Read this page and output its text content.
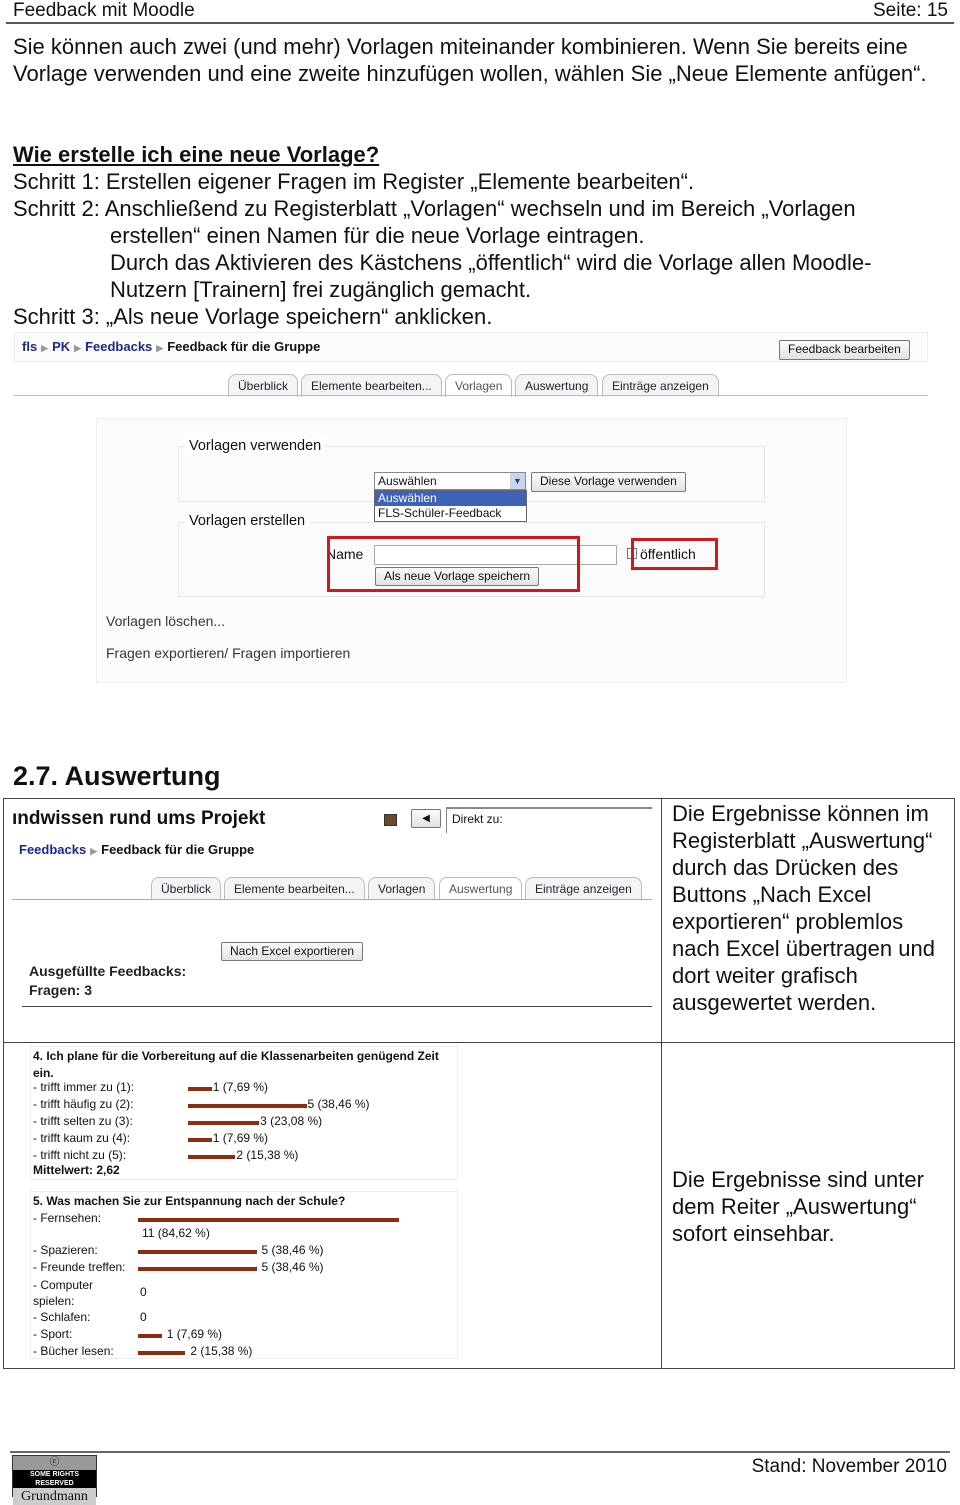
Feedback mit Moodle	Seite: 15
Sie können auch zwei (und mehr) Vorlagen miteinander kombinieren. Wenn Sie bereits eine Vorlage verwenden und eine zweite hinzufügen wollen, wählen Sie „Neue Elemente anfügen“.
Wie erstelle ich eine neue Vorlage?
Schritt 1: Erstellen eigener Fragen im Register „Elemente bearbeiten“.
Schritt 2: Anschließend zu Registerblatt „Vorlagen“ wechseln und im Bereich „Vorlagen
erstellen“ einen Namen für die neue Vorlage eintragen.
Durch das Aktivieren des Kästchens „öffentlich“ wird die Vorlage allen Moodle-
Nutzern [Trainern] frei zugänglich gemacht.
Schritt 3: „Als neue Vorlage speichern“ anklicken.
fls ▶ PK ▶ Feedbacks ▶ Feedback für die Gruppe	Feedback bearbeiten
Überblick	Elemente bearbeiten...	Vorlagen	Auswertung	Einträge anzeigen
Vorlagen verwenden
Auswählen	▼
Auswählen
FLS-Schüler-Feedback
Diese Vorlage verwenden
Vorlagen erstellen
Name	öffentlich
Als neue Vorlage speichern
Vorlagen löschen...
Fragen exportieren/ Fragen importieren
2.7. Auswertung
ındwissen rund ums Projekt	◀	Direkt zu:
Feedbacks ▶ Feedback für die Gruppe
Überblick	Elemente bearbeiten...	Vorlagen	Auswertung	Einträge anzeigen
Nach Excel exportieren
Ausgefüllte Feedbacks:
Fragen: 3
Die Ergebnisse können im Registerblatt „Auswertung“ durch das Drücken des Buttons „Nach Excel exportieren“ problemlos nach Excel übertragen und dort weiter grafisch ausgewertet werden.
Die Ergebnisse sind unter dem Reiter „Auswertung“ sofort einsehbar.
4. Ich plane für die Vorbereitung auf die Klassenarbeiten genügend Zeit ein.
- trifft immer zu (1):	1 (7,69 %)
- trifft häufig zu (2):	5 (38,46 %)
- trifft selten zu (3):	3 (23,08 %)
- trifft kaum zu (4):	1 (7,69 %)
- trifft nicht zu (5):	2 (15,38 %)
Mittelwert: 2,62
5. Was machen Sie zur Entspannung nach der Schule?
- Fernsehen:
11 (84,62 %)
- Spazieren:	5 (38,46 %)
- Freunde treffen:	5 (38,46 %)
- Computer spielen:
0
- Schlafen:	0
- Sport:	1 (7,69 %)
- Bücher lesen:	2 (15,38 %)
ⓒ
SOME RIGHTS RESERVED
Grundmann
Stand: November 2010
